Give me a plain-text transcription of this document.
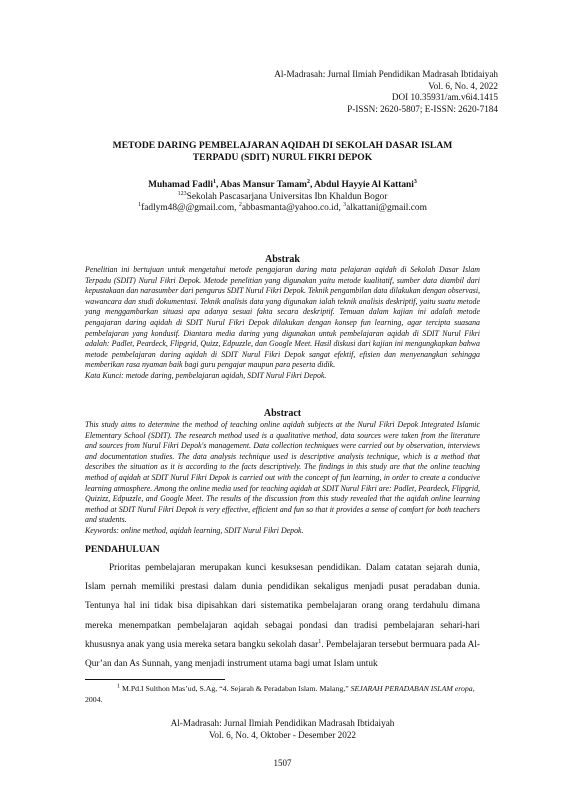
Al-Madrasah: Jurnal Ilmiah Pendidikan Madrasah Ibtidaiyah
Vol. 6, No. 4, 2022
DOI 10.35931/am.v6i4.1415
P-ISSN: 2620-5807; E-ISSN: 2620-7184
METODE DARING PEMBELAJARAN AQIDAH DI SEKOLAH DASAR ISLAM
TERPADU (SDIT) NURUL FIKRI DEPOK
Muhamad Fadli$^1$, Abas Mansur Tamam$^2$, Abdul Hayyie Al Kattani$^3$
$^{123}$Sekolah Pascasarjana Universitas Ibn Khaldun Bogor
$^1$fadlym48@@gmail.com, $^2$abbasmanta@yahoo.co.id, $^3$alkattani@gmail.com
Abstrak

Penelitian ini bertujuan untuk mengetahui metode pengajaran daring mata pelajaran aqidah di Sekolah Dasar Islam Terpadu (SDIT) Nurul Fikri Depok. Metode penelitian yang digunakan yaitu metode kualitatif, sumber data diambil dari kepustakaan dan narasumber dari pengurus SDIT Nurul Fikri Depok. Teknik pengambilan data dilakukan dengan observasi, wawancara dan studi dokumentasi. Teknik analisis data yang digunakan ialah teknik analisis deskriptif, yaitu suatu metode yang menggambarkan situasi apa adanya sesuai fakta secara deskriptif. Temuan dalam kajian ini adalah metode pengajaran daring aqidah di SDIT Nurul Fikri Depok dilakukan dengan konsep fun learning, agar tercipta suasana pembelajaran yang kondusif. Diantara media daring yang digunakan untuk pembelajaran aqidah di SDIT Nurul Fikri adalah: Padlet, Peardeck, Flipgrid, Quizz, Edpuzzle, dan Google Meet. Hasil diskusi dari kajian ini mengungkapkan bahwa metode pembelajaran daring aqidah di SDIT Nurul Fikri Depok sangat efektif, efisien dan menyenangkan sehingga memberikan rasa nyaman baik bagi guru pengajar maupun para peserta didik.

Kata Kunci: metode daring, pembelajaran aqidah, SDIT Nurul Fikri Depok.

Abstract

This study aims to determine the method of teaching online aqidah subjects at the Nurul Fikri Depok Integrated Islamic Elementary School (SDIT). The research method used is a qualitative method, data sources were taken from the literature and sources from Nurul Fikri Depok's management. Data collection techniques were carried out by observation, interviews and documentation studies. The data analysis technique used is descriptive analysis technique, which is a method that describes the situation as it is according to the facts descriptively. The findings in this study are that the online teaching method of aqidah at SDIT Nurul Fikri Depok is carried out with the concept of fun learning, in order to create a conducive learning atmosphere. Among the online media used for teaching aqidah at SDIT Nurul Fikri are: Padlet, Peardeck, Flipgrid, Quizizz, Edpuzzle, and Google Meet. The results of the discussion from this study revealed that the aqidah online learning method at SDIT Nurul Fikri Depok is very effective, efficient and fun so that it provides a sense of comfort for both teachers and students.

Keywords: online method, aqidah learning, SDIT Nurul Fikri Depok.

PENDAHULUAN

Prioritas pembelajaran merupakan kunci kesuksesan pendidikan. Dalam catatan sejarah dunia, Islam pernah memiliki prestasi dalam dunia pendidikan sekaligus menjadi pusat peradaban dunia. Tentunya hal ini tidak bisa dipisahkan dari sistematika pembelajaran orang orang terdahulu dimana mereka menempatkan pembelajaran aqidah sebagai pondasi dan tradisi pembelajaran sehari-hari khususnya anak yang usia mereka setara bangku sekolah dasar$^1$. Pembelajaran tersebut bermuara pada Al-Qur’an dan As Sunnah, yang menjadi instrument utama bagi umat Islam untuk

$^1$ M.Pd.I Sulthon Mas’ud, S.Ag, “4. Sejarah & Peradaban Islam. Malang,” SEJARAH PERADABAN ISLAM eropa, 2004.
Al-Madrasah: Jurnal Ilmiah Pendidikan Madrasah Ibtidaiyah
Vol. 6, No. 4, Oktober - Desember 2022
1507
